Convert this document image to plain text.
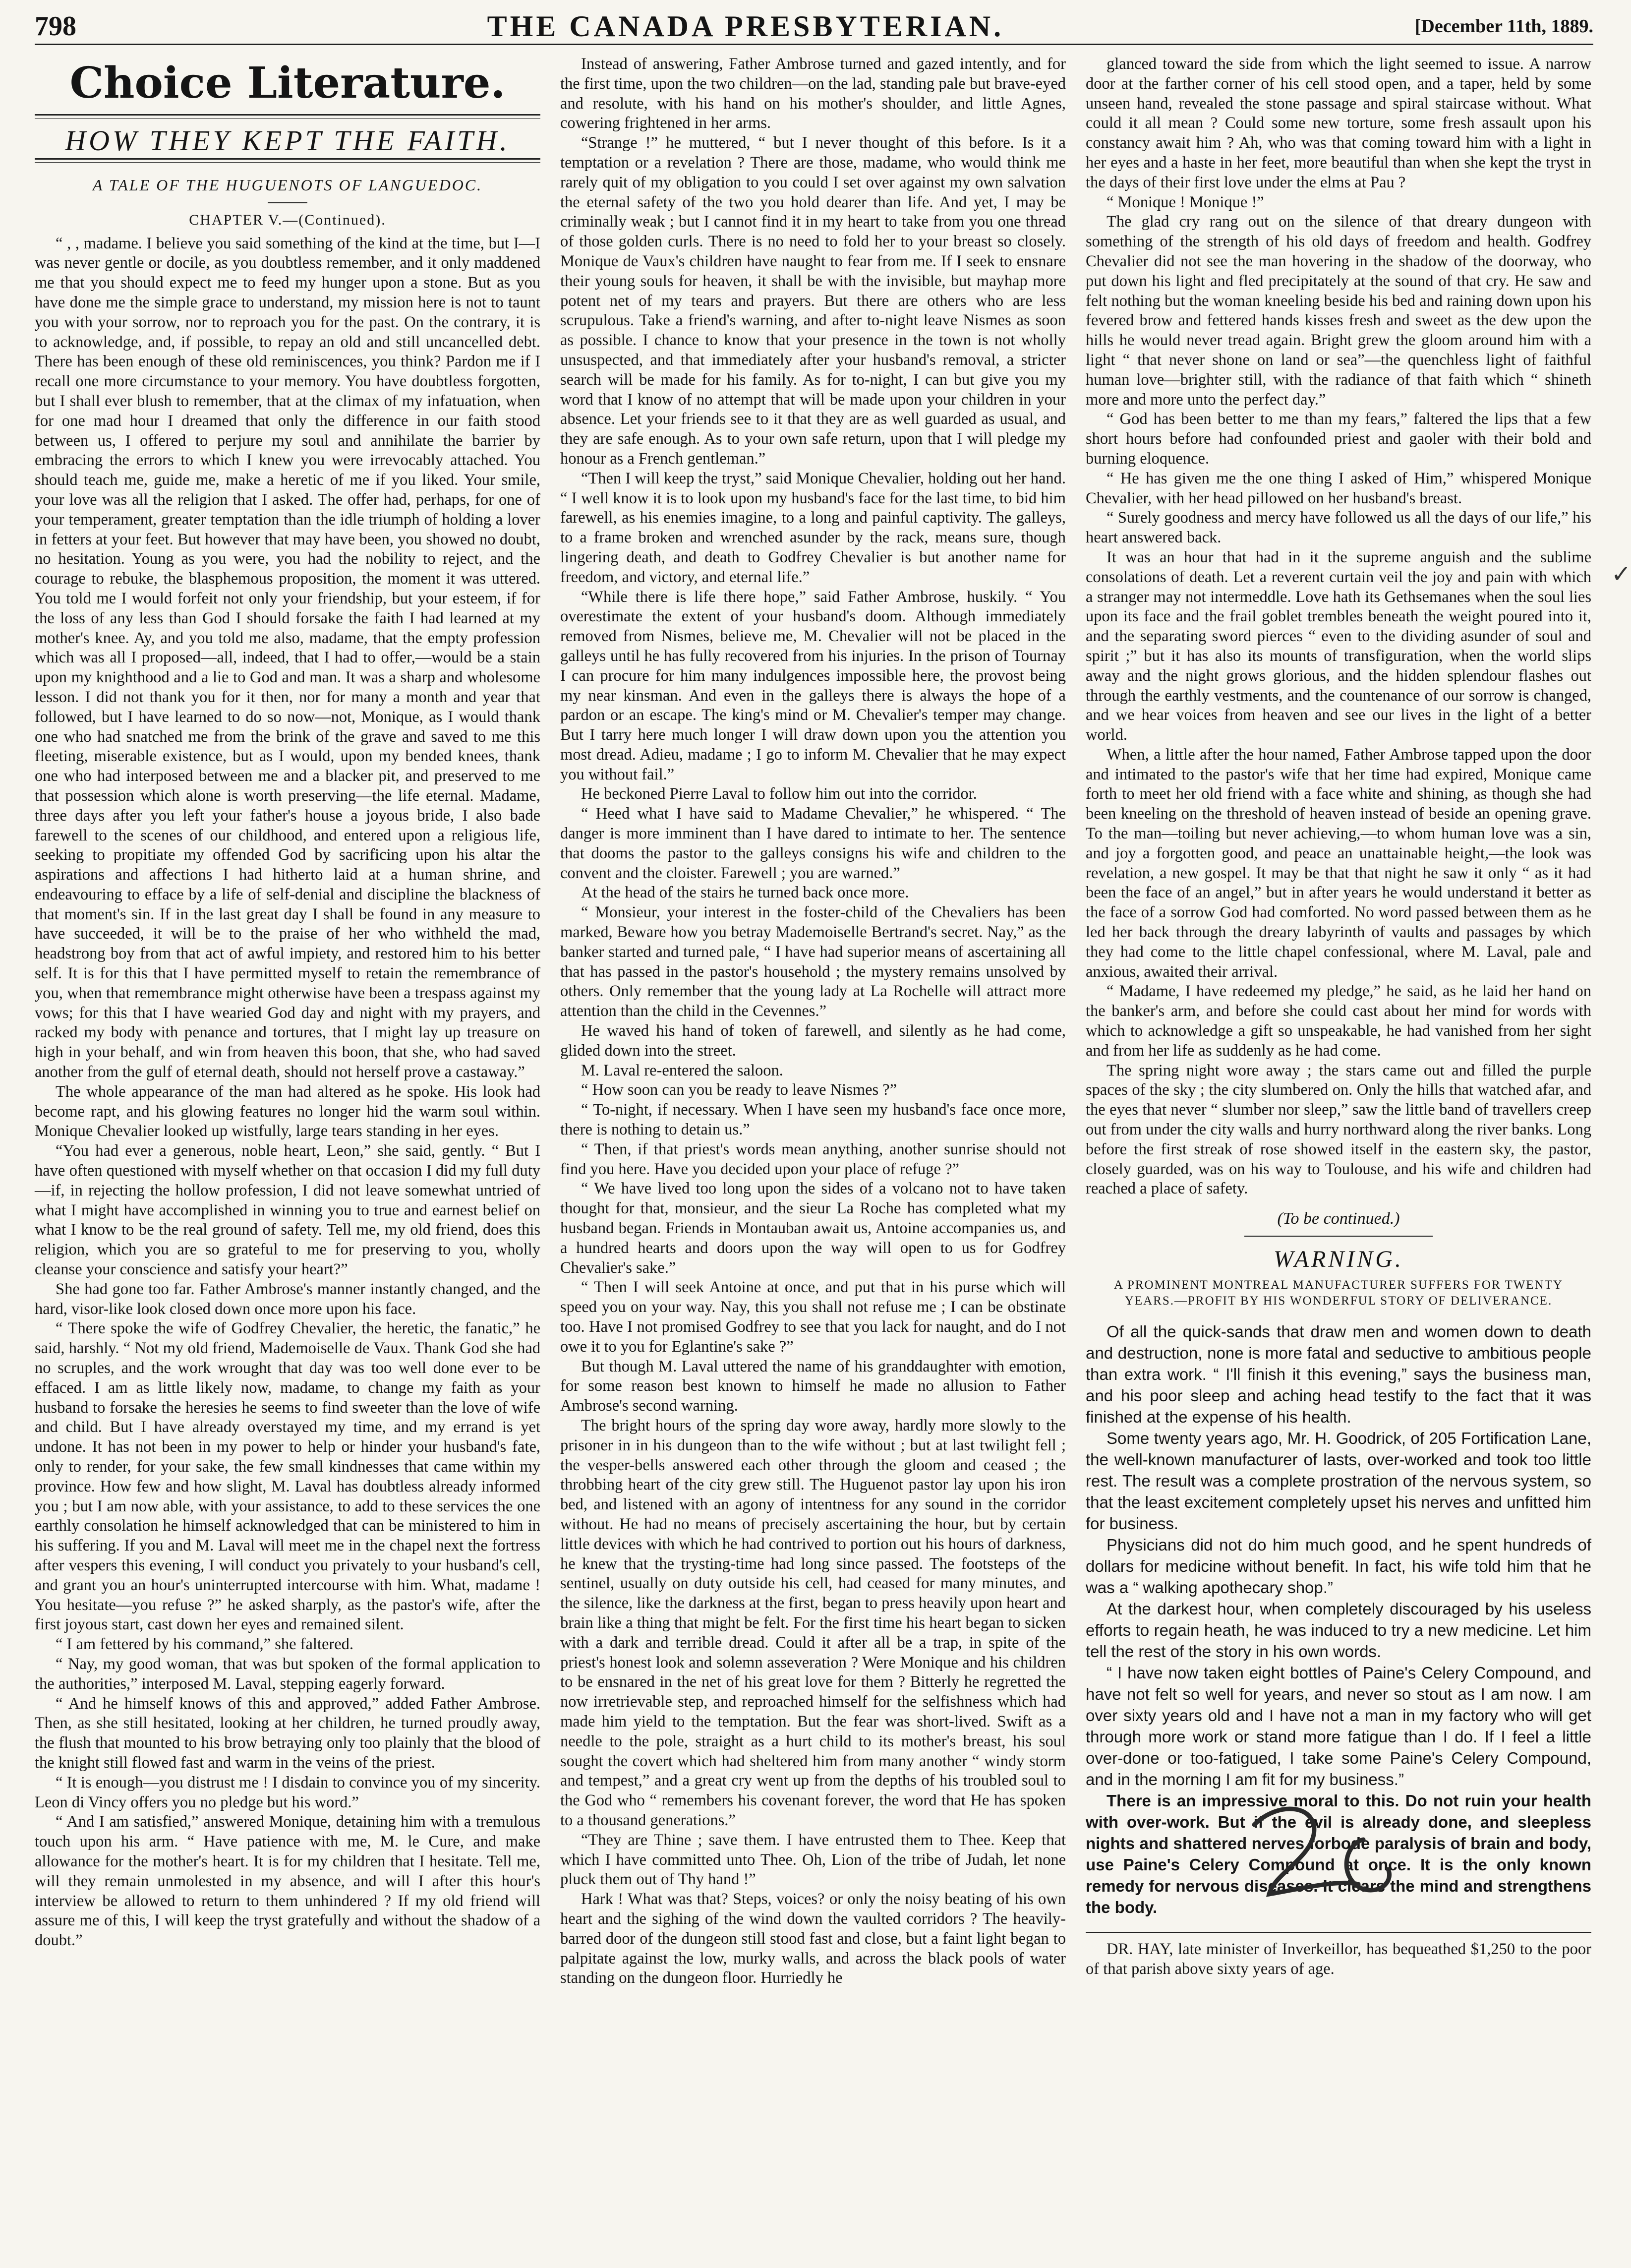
798	THE CANADA PRESBYTERIAN.	[December 11th, 1889.
Choice Literature.
HOW THEY KEPT THE FAITH.
A TALE OF THE HUGUENOTS OF LANGUEDOC.
CHAPTER V.—(Continued).

“ , , madame. I believe you said something of the kind at the time, but I—I was never gentle or docile, as you doubtless remember, and it only maddened me that you should expect me to feed my hunger upon a stone. But as you have done me the simple grace to understand, my mission here is not to taunt you with your sorrow, nor to reproach you for the past. On the contrary, it is to acknowledge, and, if possible, to repay an old and still uncancelled debt. There has been enough of these old reminiscences, you think? Pardon me if I recall one more circumstance to your memory. You have doubtless forgotten, but I shall ever blush to remember, that at the climax of my infatuation, when for one mad hour I dreamed that only the difference in our faith stood between us, I offered to perjure my soul and annihilate the barrier by embracing the errors to which I knew you were irrevocably attached. You should teach me, guide me, make a heretic of me if you liked. Your smile, your love was all the religion that I asked. The offer had, perhaps, for one of your temperament, greater temptation than the idle triumph of holding a lover in fetters at your feet. But however that may have been, you showed no doubt, no hesitation. Young as you were, you had the nobility to reject, and the courage to rebuke, the blasphemous proposition, the moment it was uttered. You told me I would forfeit not only your friendship, but your esteem, if for the loss of any less than God I should forsake the faith I had learned at my mother's knee. Ay, and you told me also, madame, that the empty profession which was all I proposed—all, indeed, that I had to offer,—would be a stain upon my knighthood and a lie to God and man. It was a sharp and wholesome lesson. I did not thank you for it then, nor for many a month and year that followed, but I have learned to do so now—not, Monique, as I would thank one who had snatched me from the brink of the grave and saved to me this fleeting, miserable existence, but as I would, upon my bended knees, thank one who had interposed between me and a blacker pit, and preserved to me that possession which alone is worth preserving—the life eternal. Madame, three days after you left your father's house a joyous bride, I also bade farewell to the scenes of our childhood, and entered upon a religious life, seeking to propitiate my offended God by sacrificing upon his altar the aspirations and affections I had hitherto laid at a human shrine, and endeavouring to efface by a life of self-denial and discipline the blackness of that moment's sin. If in the last great day I shall be found in any measure to have succeeded, it will be to the praise of her who withheld the mad, headstrong boy from that act of awful impiety, and restored him to his better self. It is for this that I have permitted myself to retain the remembrance of you, when that remembrance might otherwise have been a trespass against my vows; for this that I have wearied God day and night with my prayers, and racked my body with penance and tortures, that I might lay up treasure on high in your behalf, and win from heaven this boon, that she, who had saved another from the gulf of eternal death, should not herself prove a castaway.”

The whole appearance of the man had altered as he spoke. His look had become rapt, and his glowing features no longer hid the warm soul within. Monique Chevalier looked up wistfully, large tears standing in her eyes.

“You had ever a generous, noble heart, Leon,” she said, gently. “ But I have often questioned with myself whether on that occasion I did my full duty—if, in rejecting the hollow profession, I did not leave somewhat untried of what I might have accomplished in winning you to true and earnest belief on what I know to be the real ground of safety. Tell me, my old friend, does this religion, which you are so grateful to me for preserving to you, wholly cleanse your conscience and satisfy your heart?”

She had gone too far. Father Ambrose's manner instantly changed, and the hard, visor-like look closed down once more upon his face.

“ There spoke the wife of Godfrey Chevalier, the heretic, the fanatic,” he said, harshly. “ Not my old friend, Mademoiselle de Vaux. Thank God she had no scruples, and the work wrought that day was too well done ever to be effaced. I am as little likely now, madame, to change my faith as your husband to forsake the heresies he seems to find sweeter than the love of wife and child. But I have already overstayed my time, and my errand is yet undone. It has not been in my power to help or hinder your husband's fate, only to render, for your sake, the few small kindnesses that came within my province. How few and how slight, M. Laval has doubtless already informed you ; but I am now able, with your assistance, to add to these services the one earthly consolation he himself acknowledged that can be ministered to him in his suffering. If you and M. Laval will meet me in the chapel next the fortress after vespers this evening, I will conduct you privately to your husband's cell, and grant you an hour's uninterrupted intercourse with him. What, madame ! You hesitate—you refuse ?” he asked sharply, as the pastor's wife, after the first joyous start, cast down her eyes and remained silent.

“ I am fettered by his command,” she faltered.

“ Nay, my good woman, that was but spoken of the formal application to the authorities,” interposed M. Laval, stepping eagerly forward.

“ And he himself knows of this and approved,” added Father Ambrose. Then, as she still hesitated, looking at her children, he turned proudly away, the flush that mounted to his brow betraying only too plainly that the blood of the knight still flowed fast and warm in the veins of the priest.

“ It is enough—you distrust me ! I disdain to convince you of my sincerity. Leon di Vincy offers you no pledge but his word.”

“ And I am satisfied,” answered Monique, detaining him with a tremulous touch upon his arm. “ Have patience with me, M. le Cure, and make allowance for the mother's heart. It is for my children that I hesitate. Tell me, will they remain unmolested in my absence, and will I after this hour's interview be allowed to return to them unhindered ? If my old friend will assure me of this, I will keep the tryst gratefully and without the shadow of a doubt.”

Instead of answering, Father Ambrose turned and gazed intently, and for the first time, upon the two children—on the lad, standing pale but brave-eyed and resolute, with his hand on his mother's shoulder, and little Agnes, cowering frightened in her arms.

“Strange !” he muttered, “ but I never thought of this before. Is it a temptation or a revelation ? There are those, madame, who would think me rarely quit of my obligation to you could I set over against my own salvation the eternal safety of the two you hold dearer than life. And yet, I may be criminally weak ; but I cannot find it in my heart to take from you one thread of those golden curls. There is no need to fold her to your breast so closely. Monique de Vaux's children have naught to fear from me. If I seek to ensnare their young souls for heaven, it shall be with the invisible, but mayhap more potent net of my tears and prayers. But there are others who are less scrupulous. Take a friend's warning, and after to-night leave Nismes as soon as possible. I chance to know that your presence in the town is not wholly unsuspected, and that immediately after your husband's removal, a stricter search will be made for his family. As for to-night, I can but give you my word that I know of no attempt that will be made upon your children in your absence. Let your friends see to it that they are as well guarded as usual, and they are safe enough. As to your own safe return, upon that I will pledge my honour as a French gentleman.”

“Then I will keep the tryst,” said Monique Chevalier, holding out her hand. “ I well know it is to look upon my husband's face for the last time, to bid him farewell, as his enemies imagine, to a long and painful captivity. The galleys, to a frame broken and wrenched asunder by the rack, means sure, though lingering death, and death to Godfrey Chevalier is but another name for freedom, and victory, and eternal life.”

“While there is life there hope,” said Father Ambrose, huskily. “ You overestimate the extent of your husband's doom. Although immediately removed from Nismes, believe me, M. Chevalier will not be placed in the galleys until he has fully recovered from his injuries. In the prison of Tournay I can procure for him many indulgences impossible here, the provost being my near kinsman. And even in the galleys there is always the hope of a pardon or an escape. The king's mind or M. Chevalier's temper may change. But I tarry here much longer I will draw down upon you the attention you most dread. Adieu, madame ; I go to inform M. Chevalier that he may expect you without fail.”

He beckoned Pierre Laval to follow him out into the corridor.

“ Heed what I have said to Madame Chevalier,” he whispered. “ The danger is more imminent than I have dared to intimate to her. The sentence that dooms the pastor to the galleys consigns his wife and children to the convent and the cloister. Farewell ; you are warned.”

At the head of the stairs he turned back once more.

“ Monsieur, your interest in the foster-child of the Chevaliers has been marked, Beware how you betray Mademoiselle Bertrand's secret. Nay,” as the banker started and turned pale, “ I have had superior means of ascertaining all that has passed in the pastor's household ; the mystery remains unsolved by others. Only remember that the young lady at La Rochelle will attract more attention than the child in the Cevennes.”

He waved his hand of token of farewell, and silently as he had come, glided down into the street.

M. Laval re-entered the saloon.

“ How soon can you be ready to leave Nismes ?”

“ To-night, if necessary. When I have seen my husband's face once more, there is nothing to detain us.”

“ Then, if that priest's words mean anything, another sunrise should not find you here. Have you decided upon your place of refuge ?”

“ We have lived too long upon the sides of a volcano not to have taken thought for that, monsieur, and the sieur La Roche has completed what my husband began. Friends in Montauban await us, Antoine accompanies us, and a hundred hearts and doors upon the way will open to us for Godfrey Chevalier's sake.”

“ Then I will seek Antoine at once, and put that in his purse which will speed you on your way. Nay, this you shall not refuse me ; I can be obstinate too. Have I not promised Godfrey to see that you lack for naught, and do I not owe it to you for Eglantine's sake ?”

But though M. Laval uttered the name of his granddaughter with emotion, for some reason best known to himself he made no allusion to Father Ambrose's second warning.

The bright hours of the spring day wore away, hardly more slowly to the prisoner in in his dungeon than to the wife without ; but at last twilight fell ; the vesper-bells answered each other through the gloom and ceased ; the throbbing heart of the city grew still. The Huguenot pastor lay upon his iron bed, and listened with an agony of intentness for any sound in the corridor without. He had no means of precisely ascertaining the hour, but by certain little devices with which he had contrived to portion out his hours of darkness, he knew that the trysting-time had long since passed. The footsteps of the sentinel, usually on duty outside his cell, had ceased for many minutes, and the silence, like the darkness at the first, began to press heavily upon heart and brain like a thing that might be felt. For the first time his heart began to sicken with a dark and terrible dread. Could it after all be a trap, in spite of the priest's honest look and solemn asseveration ? Were Monique and his children to be ensnared in the net of his great love for them ? Bitterly he regretted the now irretrievable step, and reproached himself for the selfishness which had made him yield to the temptation. But the fear was short-lived. Swift as a needle to the pole, straight as a hurt child to its mother's breast, his soul sought the covert which had sheltered him from many another “ windy storm and tempest,” and a great cry went up from the depths of his troubled soul to the God who “ remembers his covenant forever, the word that He has spoken to a thousand generations.”

“They are Thine ; save them. I have entrusted them to Thee. Keep that which I have committed unto Thee. Oh, Lion of the tribe of Judah, let none pluck them out of Thy hand !”

Hark ! What was that? Steps, voices? or only the noisy beating of his own heart and the sighing of the wind down the vaulted corridors ? The heavily-barred door of the dungeon still stood fast and close, but a faint light began to palpitate against the low, murky walls, and across the black pools of water standing on the dungeon floor. Hurriedly he

glanced toward the side from which the light seemed to issue. A narrow door at the farther corner of his cell stood open, and a taper, held by some unseen hand, revealed the stone passage and spiral staircase without. What could it all mean ? Could some new torture, some fresh assault upon his constancy await him ? Ah, who was that coming toward him with a light in her eyes and a haste in her feet, more beautiful than when she kept the tryst in the days of their first love under the elms at Pau ?

“ Monique ! Monique !”

The glad cry rang out on the silence of that dreary dungeon with something of the strength of his old days of freedom and health. Godfrey Chevalier did not see the man hovering in the shadow of the doorway, who put down his light and fled precipitately at the sound of that cry. He saw and felt nothing but the woman kneeling beside his bed and raining down upon his fevered brow and fettered hands kisses fresh and sweet as the dew upon the hills he would never tread again. Bright grew the gloom around him with a light “ that never shone on land or sea”—the quenchless light of faithful human love—brighter still, with the radiance of that faith which “ shineth more and more unto the perfect day.”

“ God has been better to me than my fears,” faltered the lips that a few short hours before had confounded priest and gaoler with their bold and burning eloquence.

“ He has given me the one thing I asked of Him,” whispered Monique Chevalier, with her head pillowed on her husband's breast.

“ Surely goodness and mercy have followed us all the days of our life,” his heart answered back.

It was an hour that had in it the supreme anguish and the sublime consolations of death. Let a reverent curtain veil the joy and pain with which a stranger may not intermeddle. Love hath its Gethsemanes when the soul lies upon its face and the frail goblet trembles beneath the weight poured into it, and the separating sword pierces “ even to the dividing asunder of soul and spirit ;” but it has also its mounts of transfiguration, when the world slips away and the night grows glorious, and the hidden splendour flashes out through the earthly vestments, and the countenance of our sorrow is changed, and we hear voices from heaven and see our lives in the light of a better world.

When, a little after the hour named, Father Ambrose tapped upon the door and intimated to the pastor's wife that her time had expired, Monique came forth to meet her old friend with a face white and shining, as though she had been kneeling on the threshold of heaven instead of beside an opening grave. To the man—toiling but never achieving,—to whom human love was a sin, and joy a forgotten good, and peace an unattainable height,—the look was revelation, a new gospel. It may be that that night he saw it only “ as it had been the face of an angel,” but in after years he would understand it better as the face of a sorrow God had comforted. No word passed between them as he led her back through the dreary labyrinth of vaults and passages by which they had come to the little chapel confessional, where M. Laval, pale and anxious, awaited their arrival.

“ Madame, I have redeemed my pledge,” he said, as he laid her hand on the banker's arm, and before she could cast about her mind for words with which to acknowledge a gift so unspeakable, he had vanished from her sight and from her life as suddenly as he had come.

The spring night wore away ; the stars came out and filled the purple spaces of the sky ; the city slumbered on. Only the hills that watched afar, and the eyes that never “ slumber nor sleep,” saw the little band of travellers creep out from under the city walls and hurry northward along the river banks. Long before the first streak of rose showed itself in the eastern sky, the pastor, closely guarded, was on his way to Toulouse, and his wife and children had reached a place of safety.

(To be continued.)
WARNING.
A PROMINENT MONTREAL MANUFACTURER SUFFERS FOR TWENTY YEARS.—PROFIT BY HIS WONDERFUL STORY OF DELIVERANCE.

Of all the quick-sands that draw men and women down to death and destruction, none is more fatal and seductive to ambitious people than extra work. “ I'll finish it this evening,” says the business man, and his poor sleep and aching head testify to the fact that it was finished at the expense of his health.

Some twenty years ago, Mr. H. Goodrick, of 205 Fortification Lane, the well-known manufacturer of lasts, over-worked and took too little rest. The result was a complete prostration of the nervous system, so that the least excitement completely upset his nerves and unfitted him for business.

Physicians did not do him much good, and he spent hundreds of dollars for medicine without benefit. In fact, his wife told him that he was a “ walking apothecary shop.”

At the darkest hour, when completely discouraged by his useless efforts to regain heath, he was induced to try a new medicine. Let him tell the rest of the story in his own words.

“ I have now taken eight bottles of Paine's Celery Compound, and have not felt so well for years, and never so stout as I am now. I am over sixty years old and I have not a man in my factory who will get through more work or stand more fatigue than I do. If I feel a little over-done or too-fatigued, I take some Paine's Celery Compound, and in the morning I am fit for my business.”

There is an impressive moral to this. Do not ruin your health with over-work. But if the evil is already done, and sleepless nights and shattered nerves forbode paralysis of brain and body, use Paine's Celery Compound at once. It is the only known remedy for nervous diseases. It clears the mind and strengthens the body.

DR. HAY, late minister of Inverkeillor, has bequeathed $1,250 to the poor of that parish above sixty years of age.

✓
